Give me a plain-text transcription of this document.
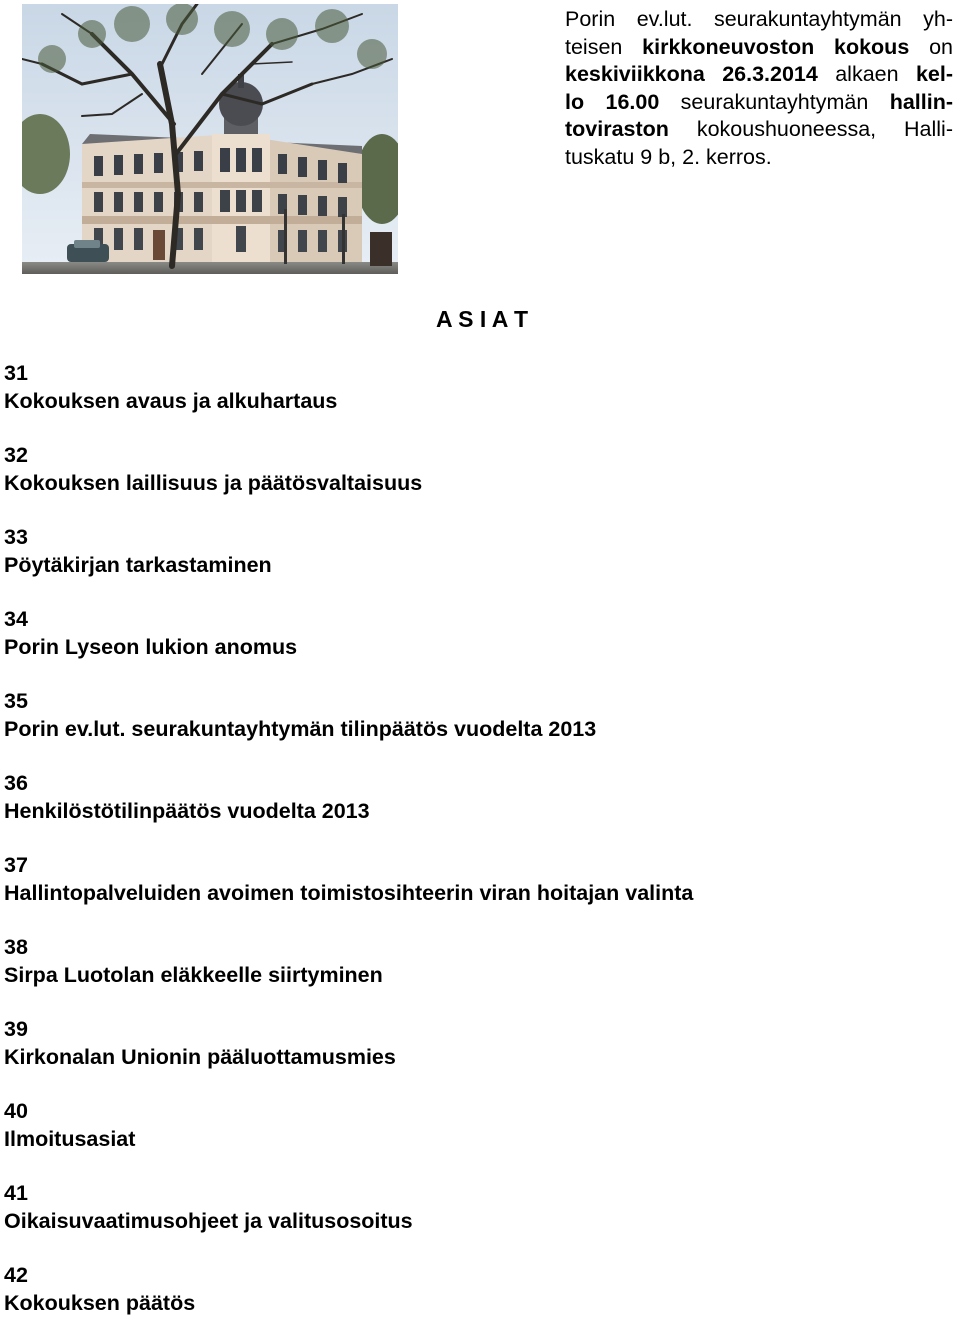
Porin ev.lut. seurakuntayhtymän yh-
teisen kirkkoneuvoston kokous on
keskiviikkona 26.3.2014 alkaen kel-
lo 16.00 seurakuntayhtymän hallin-
toviraston kokoushuoneessa, Halli-
tuskatu 9 b, 2. kerros.

A S I A T
31
Kokouksen avaus ja alkuhartaus
32
Kokouksen laillisuus ja päätösvaltaisuus
33
Pöytäkirjan tarkastaminen
34
Porin Lyseon lukion anomus
35
Porin ev.lut. seurakuntayhtymän tilinpäätös vuodelta 2013
36
Henkilöstötilinpäätös vuodelta 2013
37
Hallintopalveluiden avoimen toimistosihteerin viran hoitajan valinta
38
Sirpa Luotolan eläkkeelle siirtyminen
39
Kirkonalan Unionin pääluottamusmies
40
Ilmoitusasiat
41
Oikaisuvaatimusohjeet ja valitusosoitus
42
Kokouksen päätös
